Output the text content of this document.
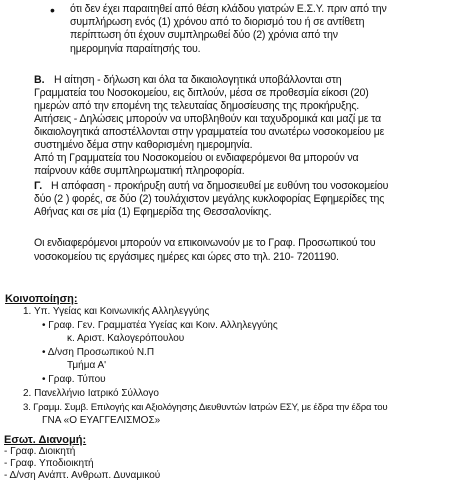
• ότι δεν έχει παραιτηθεί από θέση κλάδου γιατρών Ε.Σ.Υ. πριν από την
συμπλήρωση ενός (1) χρόνου από το διορισμό του ή σε αντίθετη
περίπτωση ότι έχουν συμπληρωθεί δύο (2) χρόνια από την
ημερομηνία παραίτησής του.
Β. Η αίτηση - δήλωση και όλα τα δικαιολογητικά υποβάλλονται στη
Γραμματεία του Νοσοκομείου, εις διπλούν, μέσα σε προθεσμία είκοσι (20)
ημερών από την επομένη της τελευταίας δημοσίευσης της προκήρυξης.
Αιτήσεις - Δηλώσεις μπορούν να υποβληθούν και ταχυδρομικά και μαζί με τα
δικαιολογητικά αποστέλλονται στην γραμματεία του ανωτέρω νοσοκομείου με
συστημένο δέμα στην καθορισμένη ημερομηνία.
Από τη Γραμματεία του Νοσοκομείου οι ενδιαφερόμενοι θα μπορούν να
παίρνουν κάθε συμπληρωματική πληροφορία.
Γ. Η απόφαση - προκήρυξη αυτή να δημοσιευθεί με ευθύνη του νοσοκομείου
δύο (2 ) φορές, σε δύο (2) τουλάχιστον μεγάλης κυκλοφορίας Εφημερίδες της
Αθήνας και σε μία (1) Εφημερίδα της Θεσσαλονίκης.
Οι ενδιαφερόμενοι μπορούν να επικοινωνούν με το Γραφ. Προσωπικού του
νοσοκομείου τις εργάσιμες ημέρες και ώρες στο τηλ. 210- 7201190.
Κοινοποίηση:
1. Υπ. Υγείας και Κοινωνικής Αλληλεγγύης
• Γραφ. Γεν. Γραμματέα Υγείας και Κοιν. Αλληλεγγύης
κ. Αριστ. Καλογερόπουλου
• Δ/νση Προσωπικού Ν.Π
Τμήμα Α'
• Γραφ. Τύπου
2. Πανελλήνιο Ιατρικό Σύλλογο
3. Γραμμ. Συμβ. Επιλογής και Αξιολόγησης Διευθυντών Ιατρών ΕΣΥ, με έδρα την έδρα του
ΓΝΑ «Ο ΕΥΑΓΓΕΛΙΣΜΟΣ»
Εσωτ. Διανομή:
- Γραφ. Διοικητή
- Γραφ. Υποδιοικητή
- Δ/νση Ανάπτ. Ανθρωπ. Δυναμικού
